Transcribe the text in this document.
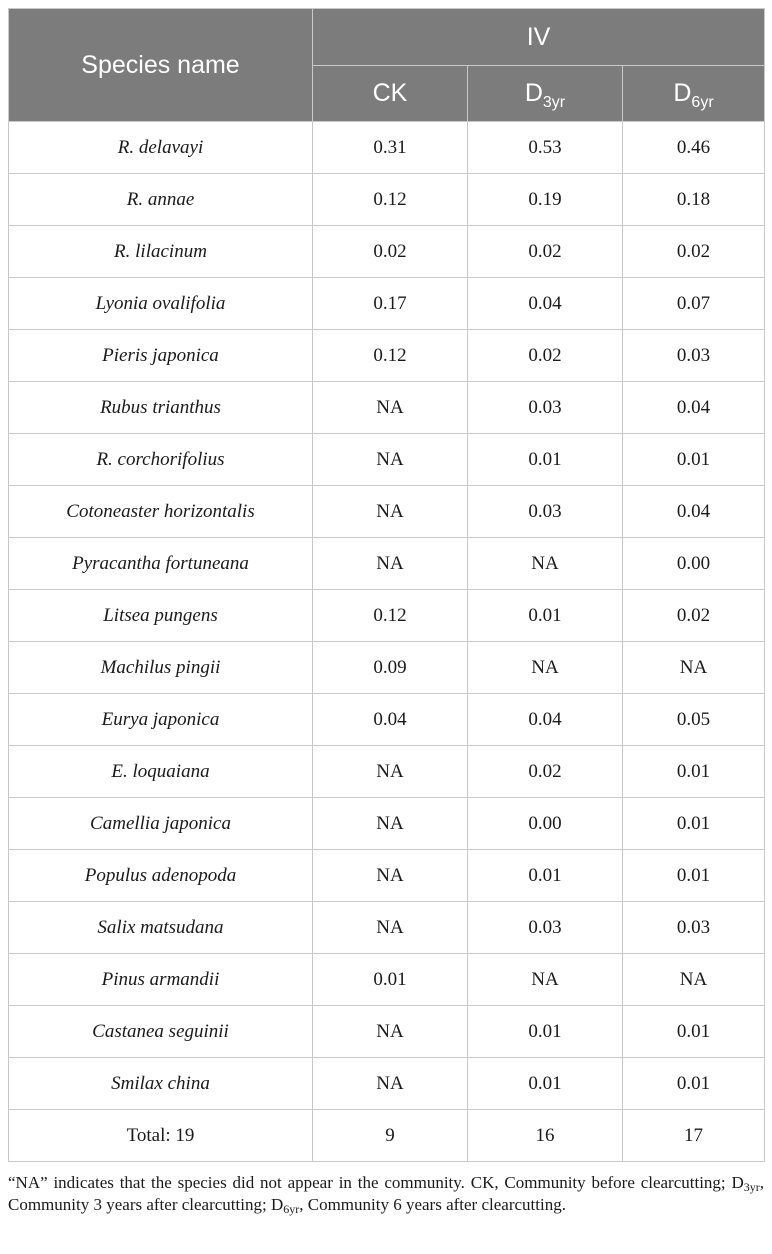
Species name	IV		
	CK	$D_{3yr}$	$D_{6yr}$
R. delavayi	0.31	0.53	0.46
R. annae	0.12	0.19	0.18
R. lilacinum	0.02	0.02	0.02
Lyonia ovalifolia	0.17	0.04	0.07
Pieris japonica	0.12	0.02	0.03
Rubus trianthus	NA	0.03	0.04
R. corchorifolius	NA	0.01	0.01
Cotoneaster horizontalis	NA	0.03	0.04
Pyracantha fortuneana	NA	NA	0.00
Litsea pungens	0.12	0.01	0.02
Machilus pingii	0.09	NA	NA
Eurya japonica	0.04	0.04	0.05
E. loquaiana	NA	0.02	0.01
Camellia japonica	NA	0.00	0.01
Populus adenopoda	NA	0.01	0.01
Salix matsudana	NA	0.03	0.03
Pinus armandii	0.01	NA	NA
Castanea seguinii	NA	0.01	0.01
Smilax china	NA	0.01	0.01
Total: 19	9	16	17
“NA” indicates that the species did not appear in the community. CK, Community before clearcutting; $D_{3yr}$, Community 3 years after clearcutting; $D_{6yr}$, Community 6 years after clearcutting.
